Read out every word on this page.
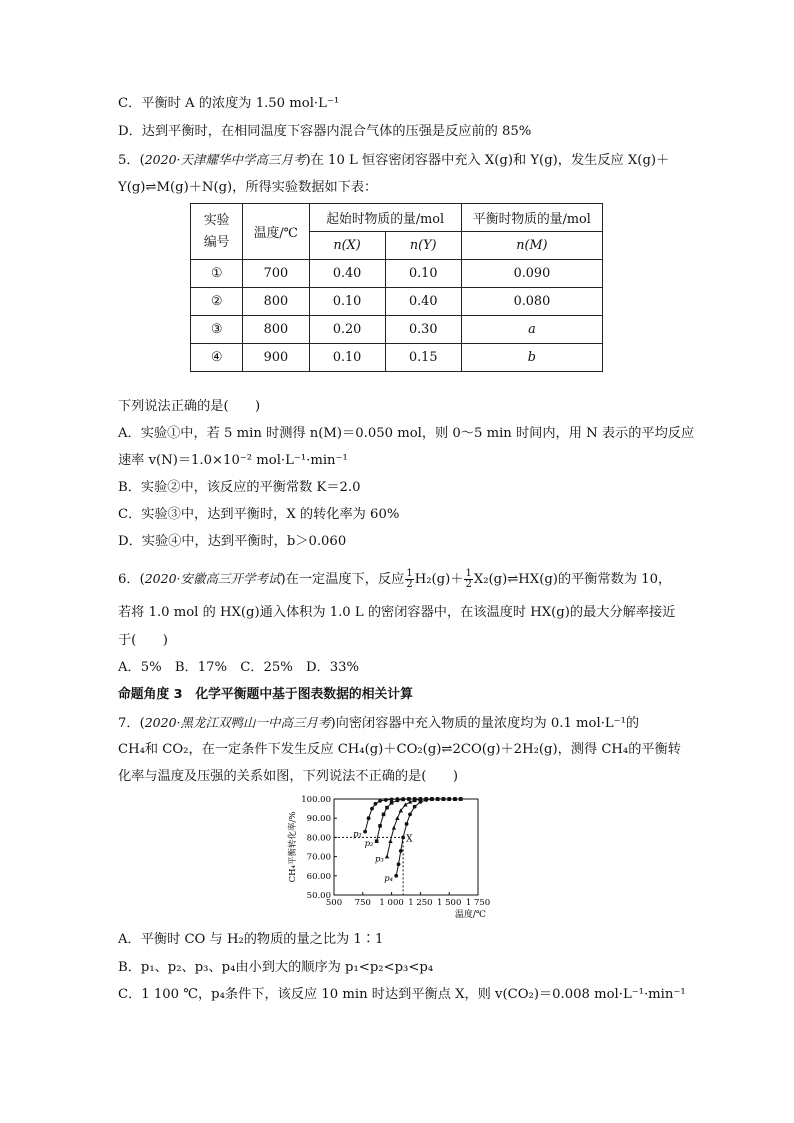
C．平衡时 A 的浓度为 1.50 mol·L⁻¹
D．达到平衡时，在相同温度下容器内混合气体的压强是反应前的 85%
5．(2020·天津耀华中学高三月考)在 10 L 恒容密闭容器中充入 X(g)和 Y(g)，发生反应 X(g)＋
Y(g)⇌M(g)＋N(g)，所得实验数据如下表：
实验
编号	温度/℃	起始时物质的量/mol		平衡时物质的量/mol
		n(X)	n(Y)	n(M)
①	700	0.40	0.10	0.090
②	800	0.10	0.40	0.080
③	800	0.20	0.30	a
④	900	0.10	0.15	b
下列说法正确的是(　　)
A．实验①中，若 5 min 时测得 n(M)＝0.050 mol，则 0～5 min 时间内，用 N 表示的平均反应
速率 v(N)＝1.0×10⁻² mol·L⁻¹·min⁻¹
B．实验②中，该反应的平衡常数 K＝2.0
C．实验③中，达到平衡时，X 的转化率为 60%
D．实验④中，达到平衡时，b＞0.060
6．(2020·安徽高三开学考试)在一定温度下，反应 $\frac{1}{2} H_2(g)+ \frac{1}{2}$ X₂(g)⇌HX(g)的平衡常数为 10，
若将 1.0 mol 的 HX(g)通入体积为 1.0 L 的密闭容器中，在该温度时 HX(g)的最大分解率接近
于(　　)
A．5%　B．17%　C．25%　D．33%
命题角度 3　化学平衡题中基于图表数据的相关计算
7．(2020·黑龙江双鸭山一中高三月考)向密闭容器中充入物质的量浓度均为 0.1 mol·L⁻¹的
CH₄和 CO₂，在一定条件下发生反应 CH₄(g)＋CO₂(g)⇌2CO(g)＋2H₂(g)，测得 CH₄的平衡转
化率与温度及压强的关系如图，下列说法不正确的是(　　)
50.00
60.00
70.00
80.00
90.00
100.00
500 750 1 000 1 250 1 500 1 750
温度/℃
CH₄平衡转化率/%	X
p₁
p₂
p₃
p₄
A．平衡时 CO 与 H₂的物质的量之比为 1∶1
B．p₁、p₂、p₃、p₄由小到大的顺序为 p₁<p₂<p₃<p₄
C．1 100 ℃，p₄条件下，该反应 10 min 时达到平衡点 X，则 v(CO₂)＝0.008 mol·L⁻¹·min⁻¹
